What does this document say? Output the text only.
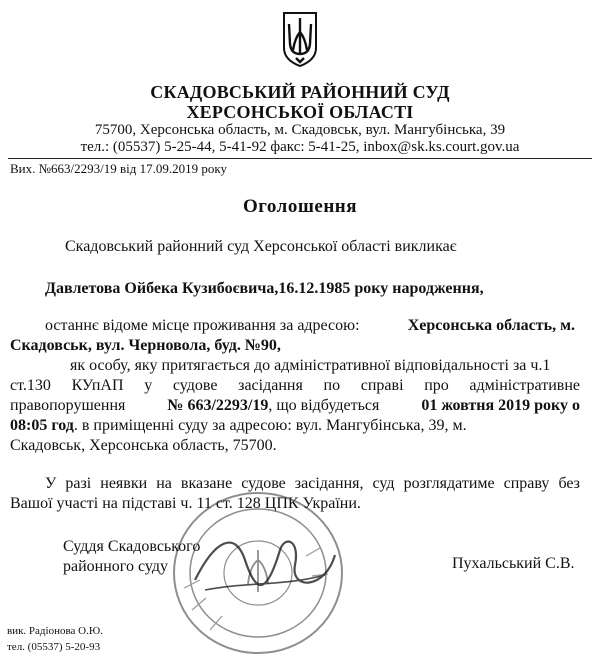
СКАДОВСЬКИЙ РАЙОННИЙ СУД
ХЕРСОНСЬКОЇ ОБЛАСТІ
75700, Херсонська область, м. Скадовськ, вул. Мангубінська, 39
тел.: (05537) 5-25-44, 5-41-92 факс: 5-41-25, inbox@sk.ks.court.gov.ua
Вих. №663/2293/19 від 17.09.2019 року
Оголошення
Скадовський районний суд Херсонської області викликає
Давлетова Ойбека Кузибоєвича,16.12.1985 року народження,
останнє відоме місце проживання за адресою:	Херсонська область, м.
Скадовськ, вул. Черновола, буд. №90,
як особу, яку притягається до адміністративної відповідальності за ч.1
ст.130 КУпАП у судове засідання по справі про адміністративне
правопорушення	№ 663/2293/19, що відбудеться	01 жовтня 2019 року о
08:05 год. в приміщенні суду за адресою: вул. Мангубінська, 39, м.
Скадовськ, Херсонська область, 75700.
У разі неявки на вказане судове засідання, суд розглядатиме справу без
Вашої участі на підставі ч. 11 ст. 128 ЦПК України.
Суддя Скадовського
районного суду	Пухальський С.В.
вик. Радіонова О.Ю.
тел. (05537) 5-20-93
